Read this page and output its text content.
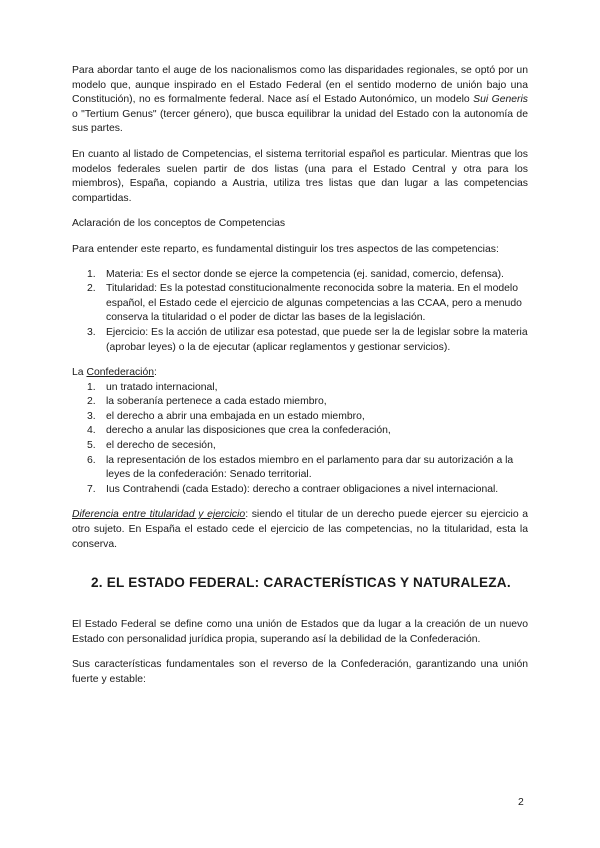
Para abordar tanto el auge de los nacionalismos como las disparidades regionales, se optó por un modelo que, aunque inspirado en el Estado Federal (en el sentido moderno de unión bajo una Constitución), no es formalmente federal. Nace así el Estado Autonómico, un modelo Sui Generis o "Tertium Genus" (tercer género), que busca equilibrar la unidad del Estado con la autonomía de sus partes.

En cuanto al listado de Competencias, el sistema territorial español es particular. Mientras que los modelos federales suelen partir de dos listas (una para el Estado Central y otra para los miembros), España, copiando a Austria, utiliza tres listas que dan lugar a las competencias compartidas.

Aclaración de los conceptos de Competencias

Para entender este reparto, es fundamental distinguir los tres aspectos de las competencias:

1. Materia: Es el sector donde se ejerce la competencia (ej. sanidad, comercio, defensa).
2. Titularidad: Es la potestad constitucionalmente reconocida sobre la materia. En el modelo español, el Estado cede el ejercicio de algunas competencias a las CCAA, pero a menudo conserva la titularidad o el poder de dictar las bases de la legislación.
3. Ejercicio: Es la acción de utilizar esa potestad, que puede ser la de legislar sobre la materia (aprobar leyes) o la de ejecutar (aplicar reglamentos y gestionar servicios).

La Confederación:

1. un tratado internacional,
2. la soberanía pertenece a cada estado miembro,
3. el derecho a abrir una embajada en un estado miembro,
4. derecho a anular las disposiciones que crea la confederación,
5. el derecho de secesión,
6. la representación de los estados miembro en el parlamento para dar su autorización a la leyes de la confederación: Senado territorial.
7. Ius Contrahendi (cada Estado): derecho a contraer obligaciones a nivel internacional.

Diferencia entre titularidad y ejercicio: siendo el titular de un derecho puede ejercer su ejercicio a otro sujeto. En España el estado cede el ejercicio de las competencias, no la titularidad, esta la conserva.

2. EL ESTADO FEDERAL: CARACTERÍSTICAS Y NATURALEZA.

El Estado Federal se define como una unión de Estados que da lugar a la creación de un nuevo Estado con personalidad jurídica propia, superando así la debilidad de la Confederación.

Sus características fundamentales son el reverso de la Confederación, garantizando una unión fuerte y estable:

2
